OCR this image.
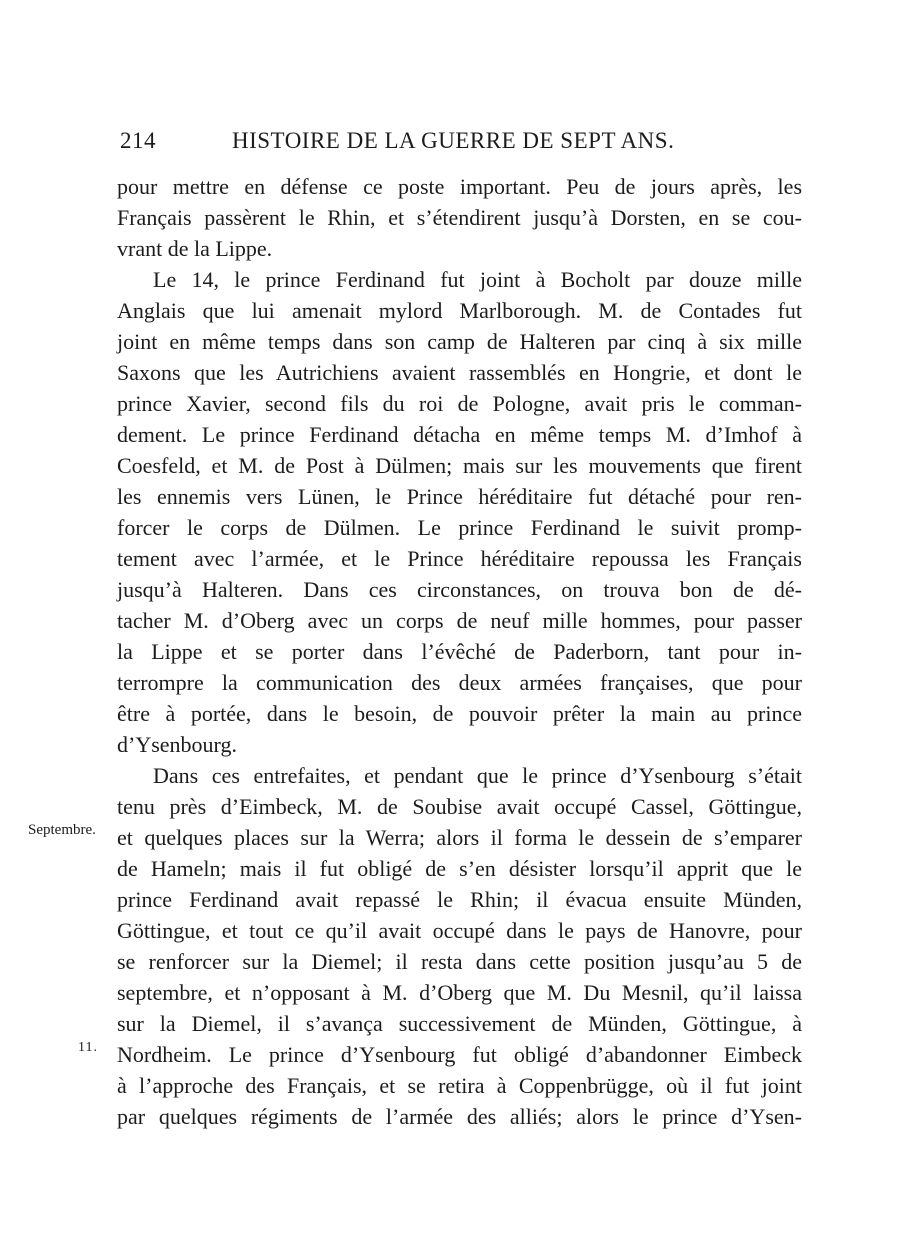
214	HISTOIRE DE LA GUERRE DE SEPT ANS.
pour mettre en défense ce poste important. Peu de jours après, les
Français passèrent le Rhin, et s’étendirent jusqu’à Dorsten, en se cou-
vrant de la Lippe.
Le 14, le prince Ferdinand fut joint à Bocholt par douze mille
Anglais que lui amenait mylord Marlborough. M. de Contades fut
joint en même temps dans son camp de Halteren par cinq à six mille
Saxons que les Autrichiens avaient rassemblés en Hongrie, et dont le
prince Xavier, second fils du roi de Pologne, avait pris le comman-
dement. Le prince Ferdinand détacha en même temps M. d’Imhof à
Coesfeld, et M. de Post à Dülmen; mais sur les mouvements que firent
les ennemis vers Lünen, le Prince héréditaire fut détaché pour ren-
forcer le corps de Dülmen. Le prince Ferdinand le suivit promp-
tement avec l’armée, et le Prince héréditaire repoussa les Français
jusqu’à Halteren. Dans ces circonstances, on trouva bon de dé-
tacher M. d’Oberg avec un corps de neuf mille hommes, pour passer
la Lippe et se porter dans l’évêché de Paderborn, tant pour in-
terrompre la communication des deux armées françaises, que pour
être à portée, dans le besoin, de pouvoir prêter la main au prince
d’Ysenbourg.
Dans ces entrefaites, et pendant que le prince d’Ysenbourg s’était
tenu près d’Eimbeck, M. de Soubise avait occupé Cassel, Göttingue,
et quelques places sur la Werra; alors il forma le dessein de s’emparer
de Hameln; mais il fut obligé de s’en désister lorsqu’il apprit que le
prince Ferdinand avait repassé le Rhin; il évacua ensuite Münden,
Göttingue, et tout ce qu’il avait occupé dans le pays de Hanovre, pour
se renforcer sur la Diemel; il resta dans cette position jusqu’au 5 de
septembre, et n’opposant à M. d’Oberg que M. Du Mesnil, qu’il laissa
sur la Diemel, il s’avança successivement de Münden, Göttingue, à
Nordheim. Le prince d’Ysenbourg fut obligé d’abandonner Eimbeck
à l’approche des Français, et se retira à Coppenbrügge, où il fut joint
par quelques régiments de l’armée des alliés; alors le prince d’Ysen-
Septembre.
11.
